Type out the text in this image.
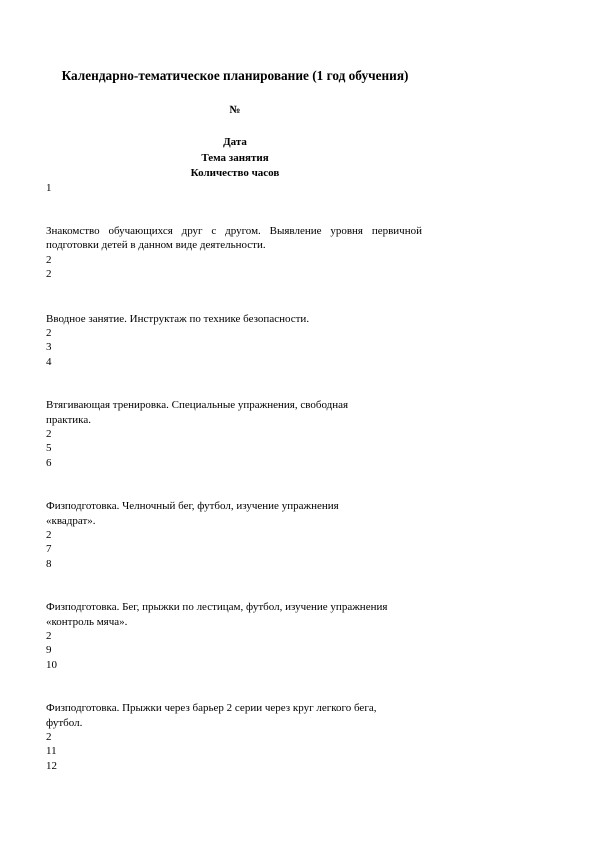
Календарно-тематическое планирование (1 год обучения)
№
Дата
Тема занятия
Количество часов
1
Знакомство обучающихся друг с другом. Выявление уровня первичной
подготовки детей в данном виде деятельности.
2
2
Вводное занятие. Инструктаж по технике безопасности.
2
3
4
Втягивающая тренировка. Специальные упражнения, свободная
практика.
2
5
6
Физподготовка. Челночный бег, футбол, изучение упражнения
«квадрат».
2
7
8
Физподготовка. Бег, прыжки по лестицам, футбол, изучение упражнения
«контроль мяча».
2
9
10
Физподготовка. Прыжки через барьер 2 серии через круг легкого бега,
футбол.
2
11
12
